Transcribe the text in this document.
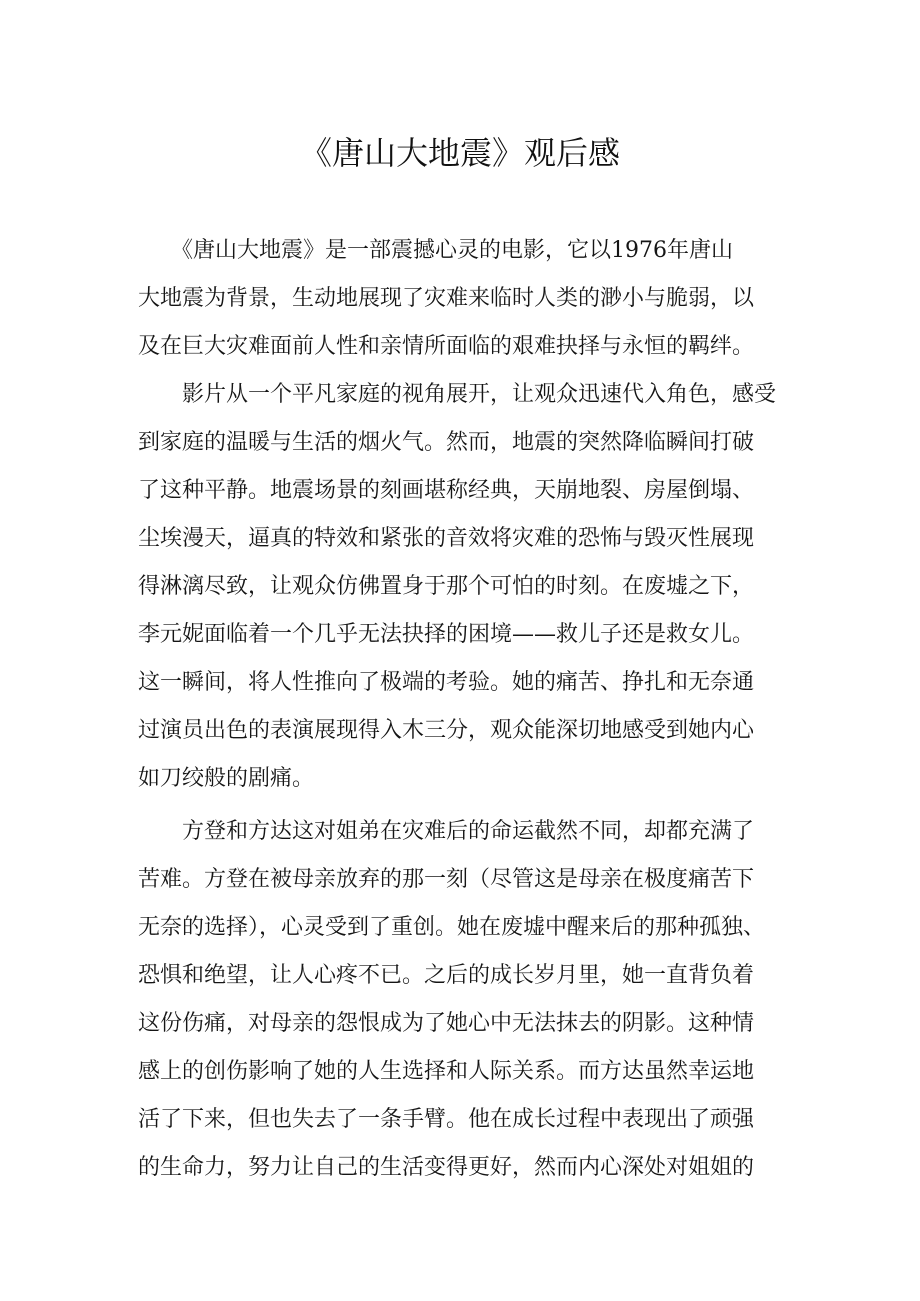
《唐山大地震》观后感
　　《唐山大地震》是一部震撼心灵的电影，它以1976年唐山
大地震为背景，生动地展现了灾难来临时人类的渺小与脆弱，以
及在巨大灾难面前人性和亲情所面临的艰难抉择与永恒的羁绊。
　　影片从一个平凡家庭的视角展开，让观众迅速代入角色，感受
到家庭的温暖与生活的烟火气。然而，地震的突然降临瞬间打破
了这种平静。地震场景的刻画堪称经典，天崩地裂、房屋倒塌、
尘埃漫天，逼真的特效和紧张的音效将灾难的恐怖与毁灭性展现
得淋漓尽致，让观众仿佛置身于那个可怕的时刻。在废墟之下，
李元妮面临着一个几乎无法抉择的困境——救儿子还是救女儿。
这一瞬间，将人性推向了极端的考验。她的痛苦、挣扎和无奈通
过演员出色的表演展现得入木三分，观众能深切地感受到她内心
如刀绞般的剧痛。
　　方登和方达这对姐弟在灾难后的命运截然不同，却都充满了
苦难。方登在被母亲放弃的那一刻（尽管这是母亲在极度痛苦下
无奈的选择），心灵受到了重创。她在废墟中醒来后的那种孤独、
恐惧和绝望，让人心疼不已。之后的成长岁月里，她一直背负着
这份伤痛，对母亲的怨恨成为了她心中无法抹去的阴影。这种情
感上的创伤影响了她的人生选择和人际关系。而方达虽然幸运地
活了下来，但也失去了一条手臂。他在成长过程中表现出了顽强
的生命力，努力让自己的生活变得更好，然而内心深处对姐姐的
